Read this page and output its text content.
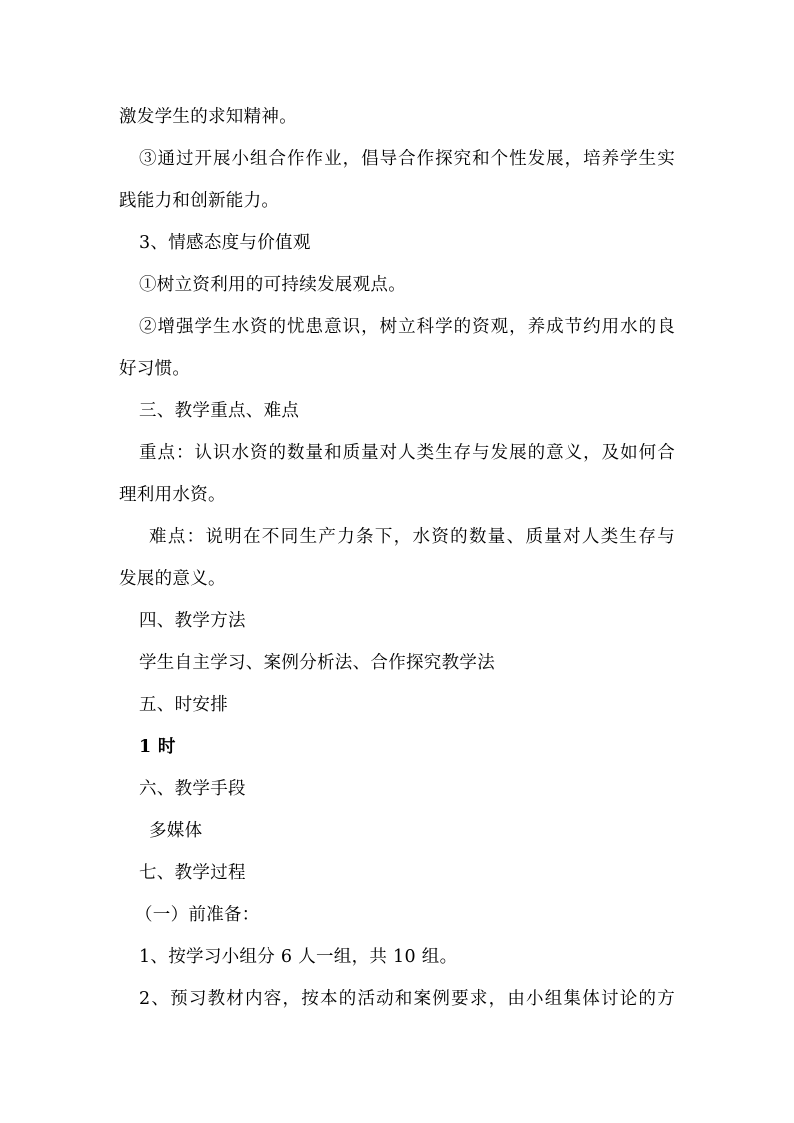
激发学生的求知精神。
③通过开展小组合作作业，倡导合作探究和个性发展，培养学生实
践能力和创新能力。
3、情感态度与价值观
①树立资利用的可持续发展观点。
②增强学生水资的忧患意识，树立科学的资观，养成节约用水的良
好习惯。
三、教学重点、难点
重点：认识水资的数量和质量对人类生存与发展的意义，及如何合
理利用水资。
难点：说明在不同生产力条下，水资的数量、质量对人类生存与
发展的意义。
四、教学方法
学生自主学习、案例分析法、合作探究教学法
五、时安排
1 时
六、教学手段
多媒体
七、教学过程
（一）前准备：
1、按学习小组分 6 人一组，共 10 组。
2、预习教材内容，按本的活动和案例要求，由小组集体讨论的方
